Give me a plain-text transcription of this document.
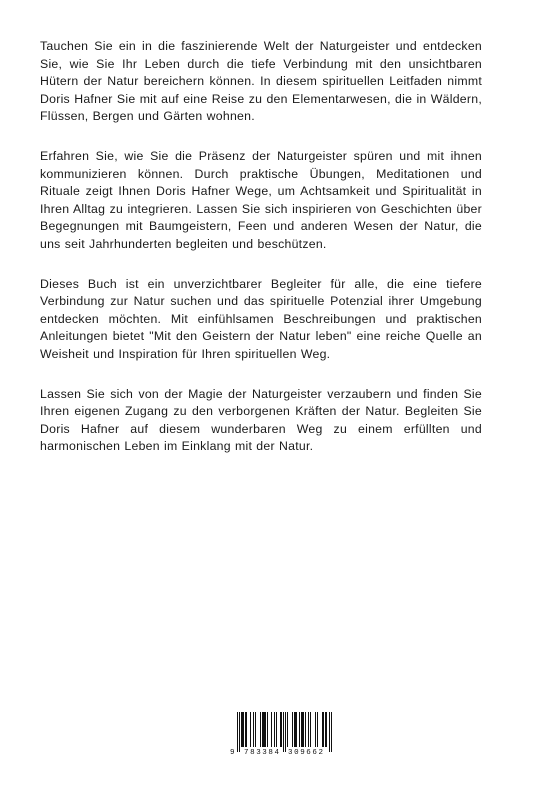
Tauchen Sie ein in die faszinierende Welt der Naturgeister und entdecken Sie, wie Sie Ihr Leben durch die tiefe Verbindung mit den unsichtbaren Hütern der Natur bereichern können. In diesem spirituellen Leitfaden nimmt Doris Hafner Sie mit auf eine Reise zu den Elementarwesen, die in Wäldern, Flüssen, Bergen und Gärten wohnen.

Erfahren Sie, wie Sie die Präsenz der Naturgeister spüren und mit ihnen kommunizieren können. Durch praktische Übungen, Meditationen und Rituale zeigt Ihnen Doris Hafner Wege, um Achtsamkeit und Spiritualität in Ihren Alltag zu integrieren. Lassen Sie sich inspirieren von Geschichten über Begegnungen mit Baumgeistern, Feen und anderen Wesen der Natur, die uns seit Jahrhunderten begleiten und beschützen.

Dieses Buch ist ein unverzichtbarer Begleiter für alle, die eine tiefere Verbindung zur Natur suchen und das spirituelle Potenzial ihrer Umgebung entdecken möchten. Mit einfühlsamen Beschreibungen und praktischen Anleitungen bietet "Mit den Geistern der Natur leben" eine reiche Quelle an Weisheit und Inspiration für Ihren spirituellen Weg.

Lassen Sie sich von der Magie der Naturgeister verzaubern und finden Sie Ihren eigenen Zugang zu den verborgenen Kräften der Natur. Begleiten Sie Doris Hafner auf diesem wunderbaren Weg zu einem erfüllten und harmonischen Leben im Einklang mit der Natur.

9 783384 309662
